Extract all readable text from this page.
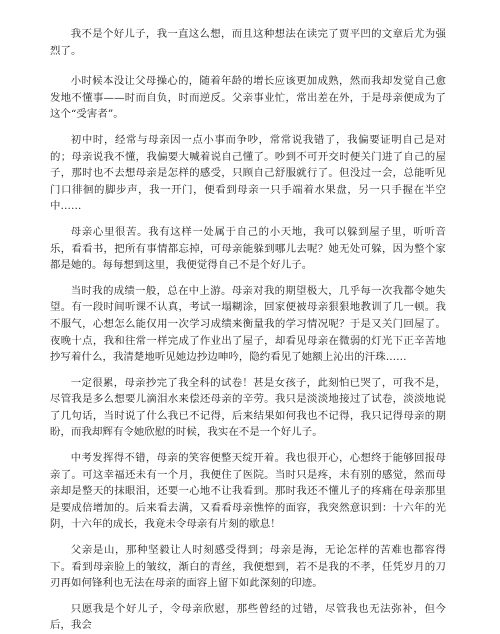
我不是个好儿子，我一直这么想，而且这种想法在读完了贾平凹的文章后尤为强烈了。

小时候本没让父母操心的，随着年龄的增长应该更加成熟，然而我却发觉自己愈发地不懂事——时而自负，时而逆反。父亲事业忙，常出差在外，于是母亲便成为了这个“受害者”。

初中时，经常与母亲因一点小事而争吵，常常说我错了，我偏要证明自己是对的；母亲说我不懂，我偏要大喊着说自己懂了。吵到不可开交时便关门进了自己的屋子，那时也不去想母亲是怎样的感受，只顾自己舒服就行了。但没过一会，总能听见门口徘徊的脚步声，我一开门，便看到母亲一只手端着水果盘，另一只手握在半空中……

母亲心里很苦。我有这样一处属于自己的小天地，我可以躲到屋子里，听听音乐，看看书，把所有事情都忘掉，可母亲能躲到哪儿去呢？她无处可躲，因为整个家都是她的。每每想到这里，我便觉得自己不是个好儿子。

当时我的成绩一般，总在中上游。母亲对我的期望极大，几乎每一次我都令她失望。有一段时间听课不认真，考试一塌糊涂，回家便被母亲狠狠地教训了几一顿。我不服气，心想怎么能仅用一次学习成绩来衡量我的学习情况呢？于是又关门回屋了。夜晚十点，我和往常一样完成了作业出了屋子，却看见母亲在微弱的灯光下正辛苦地抄写着什么，我清楚地听见她边抄边呻吟，隐约看见了她额上沁出的汗珠……

一定很累，母亲抄完了我全科的试卷！甚是女孩子，此刻怕已哭了，可我不是，尽管我是多么想要儿滴泪水来偿还母亲的辛劳。我只是淡淡地接过了试卷，淡淡地说了几句话，当时说了什么我已不记得，后来结果如何我也不记得，我只记得母亲的期盼，而我却辉有令她欣慰的时候，我实在不是一个好儿子。

中考发挥得不错，母亲的笑容便整天绽开着。我也很开心，心想终于能够回报母亲了。可这幸福还未有一个月，我便住了医院。当时只是疼，未有别的感觉，然而母亲却是整天的抹眼泪，还要一心地不让我看到。那时我还不懂儿子的疼痛在母亲那里是要成倍增加的。后来看去满，又看看母亲憔悴的面容，我突然意识到：十六年的光阴，十六年的成长，我竟未令母亲有片刻的歇息！

父亲是山，那种坚毅让人时刻感受得到；母亲是海，无论怎样的苦难也都容得下。看到母亲脸上的皱纹，渐白的青丝，我便想到，若不是我的不孝，任凭岁月的刀刃再如何锋利也无法在母亲的面容上留下如此深刻的印迹。

只愿我是个好儿子，令母亲欣慰，那些曾经的过错，尽管我也无法弥补，但今后，我会
